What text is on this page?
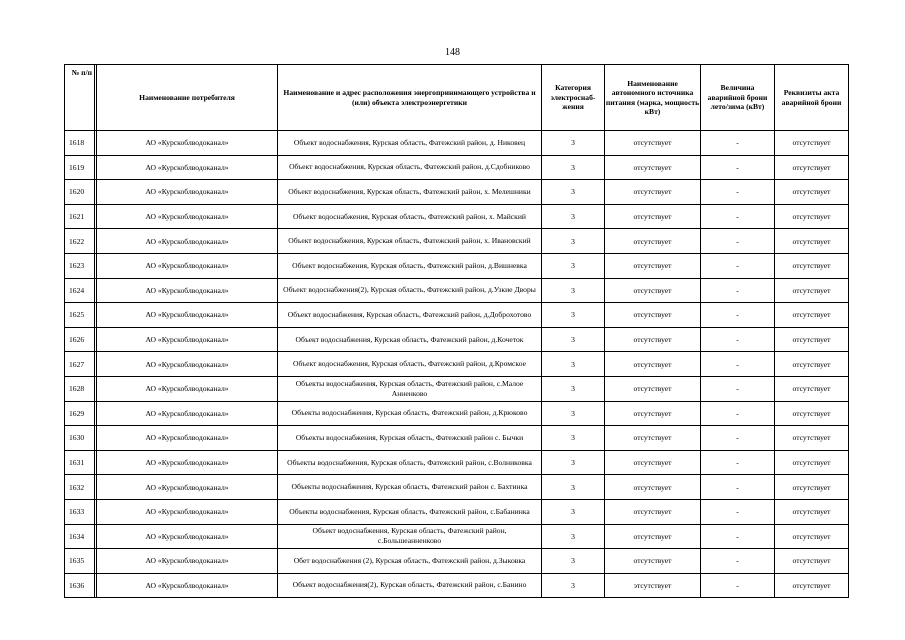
148
№ п/п		Наименование потребителя	Наименование и адрес расположения энергопринимающего устройства и (или) объекта электроэнергетики	Категория электроснаб-жения	Наименование автономного источника питания (марка, мощность кВт)	Величина аварийной брони лето/зима (кВт)	Реквизиты акта аварийной брони
1618		АО «Курскоблводоканал»	Объект водоснабжения, Курская область, Фатежский район, д. Никовец	3	отсутствует	-	отсутствует
1619		АО «Курскоблводоканал»	Объект водоснабжения, Курская область, Фатежский район, д.Сдобниково	3	отсутствует	-	отсутствует
1620		АО «Курскоблводоканал»	Объект водоснабжения, Курская область, Фатежский район, х. Мелешники	3	отсутствует	-	отсутствует
1621		АО «Курскоблводоканал»	Объект водоснабжения, Курская область, Фатежский район, х. Майский	3	отсутствует	-	отсутствует
1622		АО «Курскоблводоканал»	Объект водоснабжения, Курская область, Фатежский район, х. Ивановский	3	отсутствует	-	отсутствует
1623		АО «Курскоблводоканал»	Объект водоснабжения, Курская область, Фатежский район, д.Вишневка	3	отсутствует	-	отсутствует
1624		АО «Курскоблводоканал»	Объект водоснабжения(2), Курская область, Фатежский район, д.Узкие Дворы	3	отсутствует	-	отсутствует
1625		АО «Курскоблводоканал»	Объект водоснабжения, Курская область, Фатежский район, д.Доброхотово	3	отсутствует	-	отсутствует
1626		АО «Курскоблводоканал»	Объект водоснабжения, Курская область, Фатежский район, д.Кочеток	3	отсутствует	-	отсутствует
1627		АО «Курскоблводоканал»	Объект водоснабжения, Курская область, Фатежский район, д.Кромское	3	отсутствует	-	отсутствует
1628		АО «Курскоблводоканал»	Объекты водоснабжения, Курская область, Фатежский район, с.Малое Анненково	3	отсутствует	-	отсутствует
1629		АО «Курскоблводоканал»	Объекты водоснабжения, Курская область, Фатежский район, д.Крюково	3	отсутствует	-	отсутствует
1630		АО «Курскоблводоканал»	Объекты водоснабжения, Курская область, Фатежский район с. Бычки	3	отсутствует	-	отсутствует
1631		АО «Курскоблводоканал»	Объекты водоснабжения, Курская область, Фатежский район, с.Волниковка	3	отсутствует	-	отсутствует
1632		АО «Курскоблводоканал»	Объекты водоснабжения, Курская область, Фатежский район с. Бахтинка	3	отсутствует	-	отсутствует
1633		АО «Курскоблводоканал»	Объекты водоснабжения, Курская область, Фатежский район, с.Бабанинка	3	отсутствует	-	отсутствует
1634		АО «Курскоблводоканал»	Объект водоснабжения, Курская область, Фатежский район, с.Большеанненково	3	отсутствует	-	отсутствует
1635		АО «Курскоблводоканал»	Обет водоснабжения (2), Курская область, Фатежский район, д.Зыковка	3	отсутствует	-	отсутствует
1636		АО «Курскоблводоканал»	Объект водоснабжения(2), Курская область, Фатежский район, с.Банино	3	этсутствует	-	отсутствует
